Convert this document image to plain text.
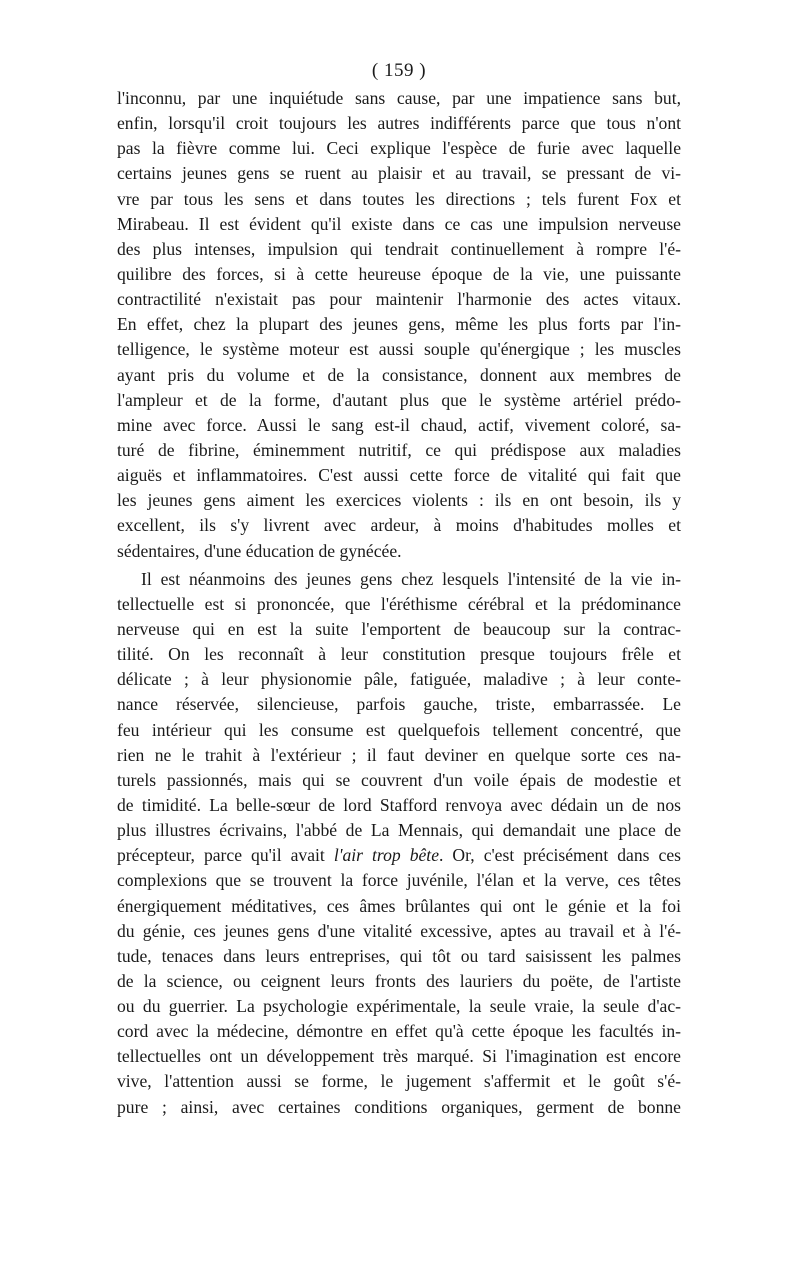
( 159 )
l'inconnu, par une inquiétude sans cause, par une impatience sans but,
enfin, lorsqu'il croit toujours les autres indifférents parce que tous n'ont
pas la fièvre comme lui. Ceci explique l'espèce de furie avec laquelle
certains jeunes gens se ruent au plaisir et au travail, se pressant de vi-
vre par tous les sens et dans toutes les directions ; tels furent Fox et
Mirabeau. Il est évident qu'il existe dans ce cas une impulsion nerveuse
des plus intenses, impulsion qui tendrait continuellement à rompre l'é-
quilibre des forces, si à cette heureuse époque de la vie, une puissante
contractilité n'existait pas pour maintenir l'harmonie des actes vitaux.
En effet, chez la plupart des jeunes gens, même les plus forts par l'in-
telligence, le système moteur est aussi souple qu'énergique ; les muscles
ayant pris du volume et de la consistance, donnent aux membres de
l'ampleur et de la forme, d'autant plus que le système artériel prédo-
mine avec force. Aussi le sang est-il chaud, actif, vivement coloré, sa-
turé de fibrine, éminemment nutritif, ce qui prédispose aux maladies
aiguës et inflammatoires. C'est aussi cette force de vitalité qui fait que
les jeunes gens aiment les exercices violents : ils en ont besoin, ils y
excellent, ils s'y livrent avec ardeur, à moins d'habitudes molles et
sédentaires, d'une éducation de gynécée.
Il est néanmoins des jeunes gens chez lesquels l'intensité de la vie in-
tellectuelle est si prononcée, que l'éréthisme cérébral et la prédominance
nerveuse qui en est la suite l'emportent de beaucoup sur la contrac-
tilité. On les reconnaît à leur constitution presque toujours frêle et
délicate ; à leur physionomie pâle, fatiguée, maladive ; à leur conte-
nance réservée, silencieuse, parfois gauche, triste, embarrassée. Le
feu intérieur qui les consume est quelquefois tellement concentré, que
rien ne le trahit à l'extérieur ; il faut deviner en quelque sorte ces na-
turels passionnés, mais qui se couvrent d'un voile épais de modestie et
de timidité. La belle-sœur de lord Stafford renvoya avec dédain un de nos
plus illustres écrivains, l'abbé de La Mennais, qui demandait une place de
précepteur, parce qu'il avait l'air trop bête. Or, c'est précisément dans ces
complexions que se trouvent la force juvénile, l'élan et la verve, ces têtes
énergiquement méditatives, ces âmes brûlantes qui ont le génie et la foi
du génie, ces jeunes gens d'une vitalité excessive, aptes au travail et à l'é-
tude, tenaces dans leurs entreprises, qui tôt ou tard saisissent les palmes
de la science, ou ceignent leurs fronts des lauriers du poëte, de l'artiste
ou du guerrier. La psychologie expérimentale, la seule vraie, la seule d'ac-
cord avec la médecine, démontre en effet qu'à cette époque les facultés in-
tellectuelles ont un développement très marqué. Si l'imagination est encore
vive, l'attention aussi se forme, le jugement s'affermit et le goût s'é-
pure ; ainsi, avec certaines conditions organiques, germent de bonne
